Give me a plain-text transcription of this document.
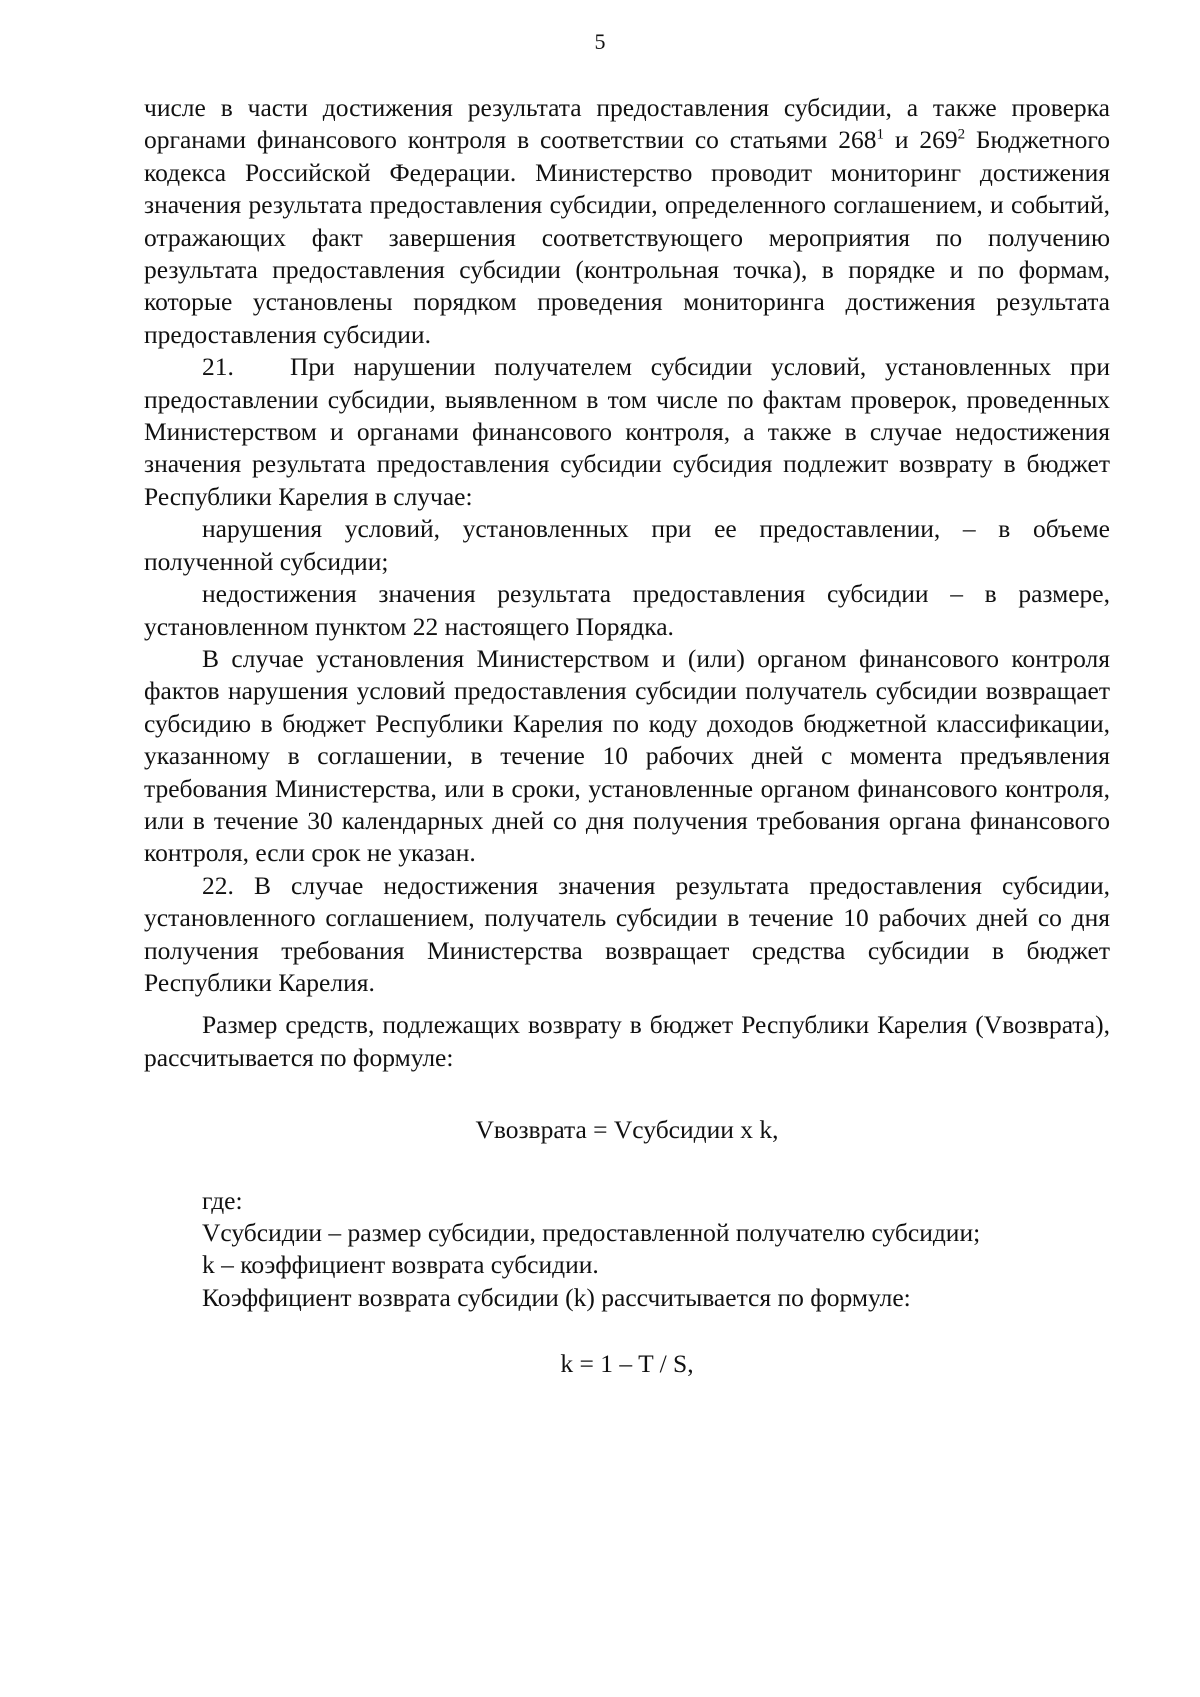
5

числе в части достижения результата предоставления субсидии, а также проверка органами финансового контроля в соответствии со статьями $268^1$ и $269^2$ Бюджетного кодекса Российской Федерации. Министерство проводит мониторинг достижения значения результата предоставления субсидии, определенного соглашением, и событий, отражающих факт завершения соответствующего мероприятия по получению результата предоставления субсидии (контрольная точка), в порядке и по формам, которые установлены порядком проведения мониторинга достижения результата предоставления субсидии.

21. При нарушении получателем субсидии условий, установленных при предоставлении субсидии, выявленном в том числе по фактам проверок, проведенных Министерством и органами финансового контроля, а также в случае недостижения значения результата предоставления субсидии субсидия подлежит возврату в бюджет Республики Карелия в случае:

нарушения условий, установленных при ее предоставлении, – в объеме полученной субсидии;

недостижения значения результата предоставления субсидии – в размере, установленном пунктом 22 настоящего Порядка.

В случае установления Министерством и (или) органом финансового контроля фактов нарушения условий предоставления субсидии получатель субсидии возвращает субсидию в бюджет Республики Карелия по коду доходов бюджетной классификации, указанному в соглашении, в течение 10 рабочих дней с момента предъявления требования Министерства, или в сроки, установленные органом финансового контроля, или в течение 30 календарных дней со дня получения требования органа финансового контроля, если срок не указан.

22. В случае недостижения значения результата предоставления субсидии, установленного соглашением, получатель субсидии в течение 10 рабочих дней со дня получения требования Министерства возвращает средства субсидии в бюджет Республики Карелия.

Размер средств, подлежащих возврату в бюджет Республики Карелия (Vвозврата), рассчитывается по формуле:

Vвозврата = Vсубсидии x k,

где:

Vсубсидии – размер субсидии, предоставленной получателю субсидии;

k – коэффициент возврата субсидии.

Коэффициент возврата субсидии (k) рассчитывается по формуле:

k = 1 – T / S,
